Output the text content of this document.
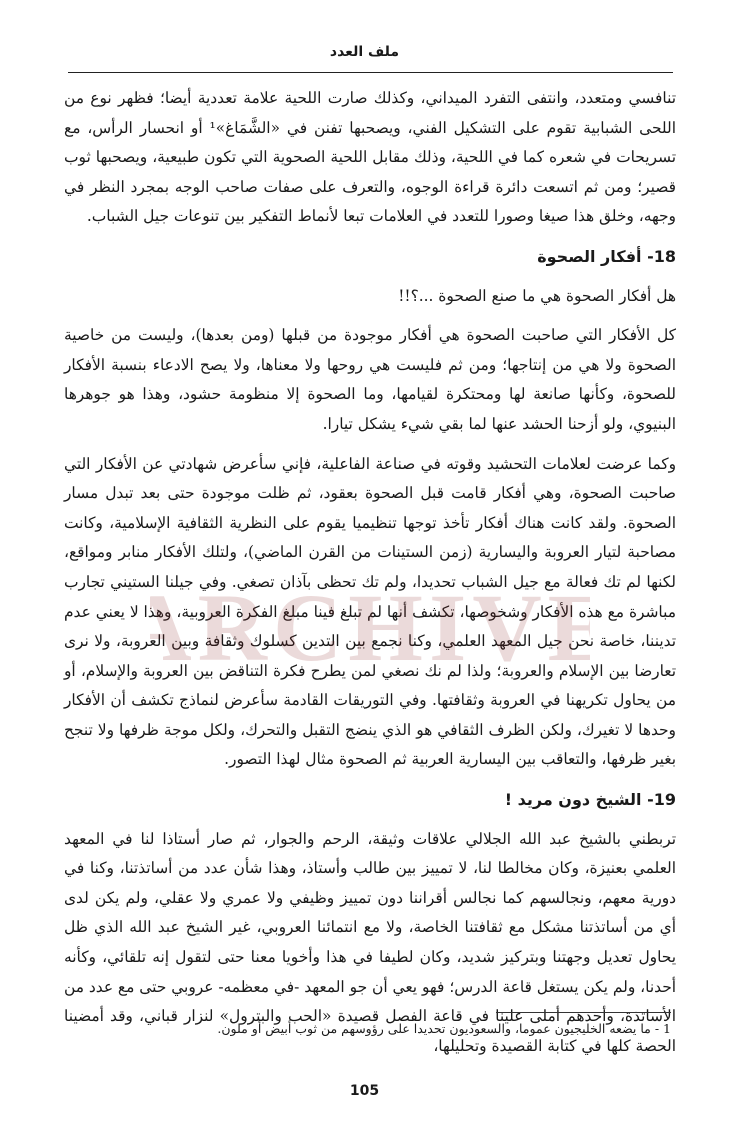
ملف العدد

تنافسي ومتعدد، وانتفى التفرد الميداني، وكذلك صارت اللحية علامة تعددية أيضا؛ فظهر نوع من اللحى الشبابية تقوم على التشكيل الفني، ويصحبها تفنن في «الشَّمَاغ»¹ أو انحسار الرأس، مع تسريحات في شعره كما في اللحية، وذلك مقابل اللحية الصحوية التي تكون طبيعية، ويصحبها ثوب قصير؛ ومن ثم اتسعت دائرة قراءة الوجوه، والتعرف على صفات صاحب الوجه بمجرد النظر في وجهه، وخلق هذا صيغا وصورا للتعدد في العلامات تبعا لأنماط التفكير بين تنوعات جيل الشباب.

18- أفكار الصحوة

هل أفكار الصحوة هي ما صنع الصحوة ...؟!!

كل الأفكار التي صاحبت الصحوة هي أفكار موجودة من قبلها (ومن بعدها)، وليست من خاصية الصحوة ولا هي من إنتاجها؛ ومن ثم فليست هي روحها ولا معناها، ولا يصح الادعاء بنسبة الأفكار للصحوة، وكأنها صانعة لها ومحتكرة لقيامها، وما الصحوة إلا منظومة حشود، وهذا هو جوهرها البنيوي، ولو أزحنا الحشد عنها لما بقي شيء يشكل تيارا.

وكما عرضت لعلامات التحشيد وقوته في صناعة الفاعلية، فإني سأعرض شهادتي عن الأفكار التي صاحبت الصحوة، وهي أفكار قامت قبل الصحوة بعقود، ثم ظلت موجودة حتى بعد تبدل مسار الصحوة. ولقد كانت هناك أفكار تأخذ توجها تنظيميا يقوم على النظرية الثقافية الإسلامية، وكانت مصاحبة لتيار العروبة واليسارية (زمن الستينات من القرن الماضي)، ولتلك الأفكار منابر ومواقع، لكنها لم تك فعالة مع جيل الشباب تحديدا، ولم تك تحظى بآذان تصغي. وفي جيلنا الستيني تجارب مباشرة مع هذه الأفكار وشخوصها، تكشف أنها لم تبلغ فينا مبلغ الفكرة العروبية، وهذا لا يعني عدم تديننا، خاصة نحن جيل المعهد العلمي، وكنا نجمع بين التدين كسلوك وثقافة وبين العروبة، ولا نرى تعارضا بين الإسلام والعروبة؛ ولذا لم نك نصغي لمن يطرح فكرة التناقض بين العروبة والإسلام، أو من يحاول تكريهنا في العروبة وثقافتها. وفي التوريقات القادمة سأعرض لنماذج تكشف أن الأفكار وحدها لا تغيرك، ولكن الظرف الثقافي هو الذي ينضج التقبل والتحرك، ولكل موجة ظرفها ولا تنجح بغير ظرفها، والتعاقب بين اليسارية العربية ثم الصحوة مثال لهذا التصور.

19- الشيخ دون مريد !

تربطني بالشيخ عبد الله الجلالي علاقات وثيقة، الرحم والجوار، ثم صار أستاذا لنا في المعهد العلمي بعنيزة، وكان مخالطا لنا، لا تمييز بين طالب وأستاذ، وهذا شأن عدد من أساتذتنا، وكنا في دورية معهم، ونجالسهم كما نجالس أقراننا دون تمييز وظيفي ولا عمري ولا عقلي، ولم يكن لدى أي من أساتذتنا مشكل مع ثقافتنا الخاصة، ولا مع انتمائنا العروبي، غير الشيخ عبد الله الذي ظل يحاول تعديل وجهتنا وبتركيز شديد، وكان لطيفا في هذا وأخويا معنا حتى لتقول إنه تلقائي، وكأنه أحدنا، ولم يكن يستغل قاعة الدرس؛ فهو يعي أن جو المعهد -في معظمه- عروبي حتى مع عدد من الأساتذة، وأحدهم أملى علينا في قاعة الفصل قصيدة «الحب والبترول» لنزار قباني، وقد أمضينا الحصة كلها في كتابة القصيدة وتحليلها،

ARCHIVE
1 - ما يضعه الخليجيون عموما، والسعوديون تحديدا على رؤوسهم من ثوب أبيض أو ملون.
105
